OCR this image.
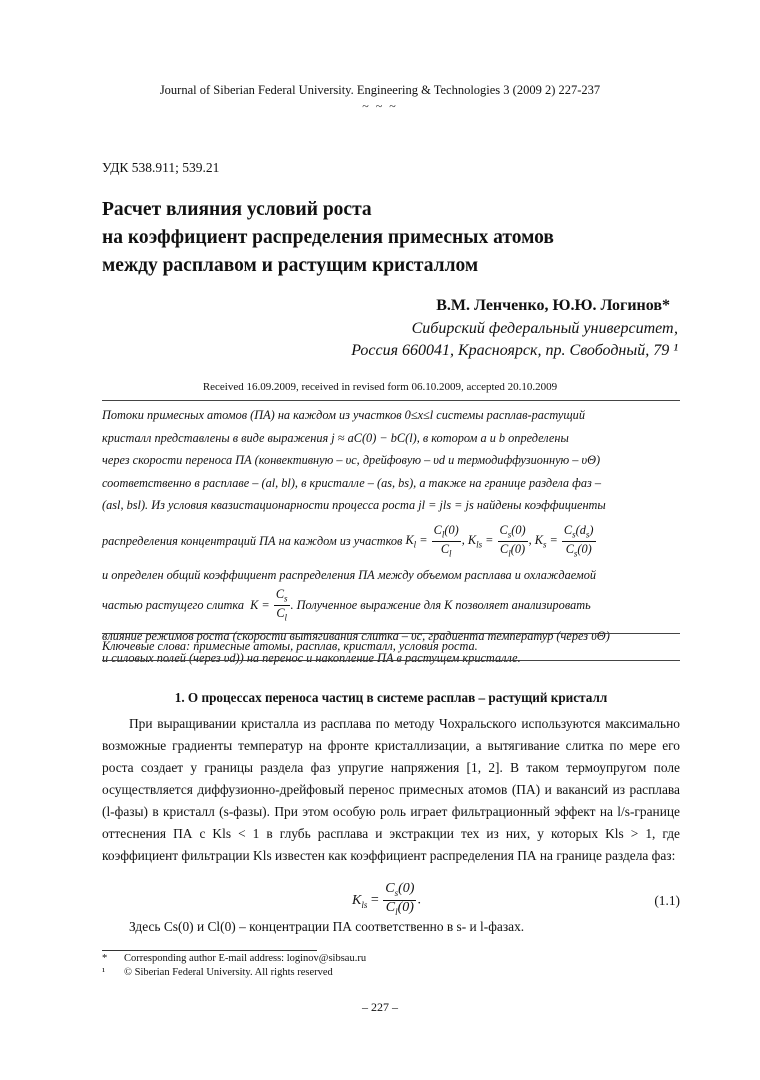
Journal of Siberian Federal University. Engineering & Technologies 3 (2009 2) 227-237
~ ~ ~
УДК 538.911; 539.21
Расчет влияния условий роста
на коэффициент распределения примесных атомов
между расплавом и растущим кристаллом
В.М. Ленченко, Ю.Ю. Логинов*
Сибирский федеральный университет,
Россия 660041, Красноярск, пр. Свободный, 79 ¹
Received 16.09.2009, received in revised form 06.10.2009, accepted 20.10.2009

Потоки примесных атомов (ПА) на каждом из участков 0≤x≤l системы расплав-растущий

кристалл представлены в виде выражения j ≈ aC(0) − bC(l), в котором a и b определены

через скорости переноса ПА (конвективную – υc, дрейфовую – υd и термодиффузионную – υΘ)

соответственно в расплаве – (al, bl), в кристалле – (as, bs), а также на границе раздела фаз –

(asl, bsl). Из условия квазистационарности процесса роста jl = jls = js найдены коэффициенты

распределения концентраций ПА на каждом из участков $K_l = \frac{C_l(0)}{C_l}$ , $K_{ls} = \frac{C_s(0)}{C_l(0)}$ , $K_s = \frac{C_s(d_s)}{C_s(0)}$

и определен общий коэффициент распределения ПА между объемом расплава и охлаждаемой

частью растущего слитка $K = \frac{C_s}{C_l}$ . Полученное выражение для K позволяет анализировать

влияние режимов роста (скорости вытягивания слитка – υc, градиента температур (через υΘ)

и силовых полей (через υd)) на перенос и накопление ПА в растущем кристалле.

Ключевые слова: примесные атомы, расплав, кристалл, условия роста.
1. О процессах переноса частиц в системе расплав – растущий кристалл

При выращивании кристалла из расплава по методу Чохральского используются максимально возможные градиенты температур на фронте кристаллизации, а вытягивание слитка по мере его роста создает у границы раздела фаз упругие напряжения [1, 2]. В таком термоупругом поле осуществляется диффузионно-дрейфовый перенос примесных атомов (ПА) и вакансий из расплава (l-фазы) в кристалл (s-фазы). При этом особую роль играет фильтрационный эффект на l/s-границе оттеснения ПА с Kls < 1 в глубь расплава и экстракции тех из них, у которых Kls > 1, где коэффициент фильтрации Kls известен как коэффициент распределения ПА на границе раздела фаз:

$K_{ls} = \frac{C_s(0)}{C_l(0)}$ .	(1.1)
Здесь Cs(0) и Cl(0) – концентрации ПА соответственно в s- и l-фазах.
* Corresponding author E-mail address: loginov@sibsau.ru
¹ © Siberian Federal University. All rights reserved
– 227 –
